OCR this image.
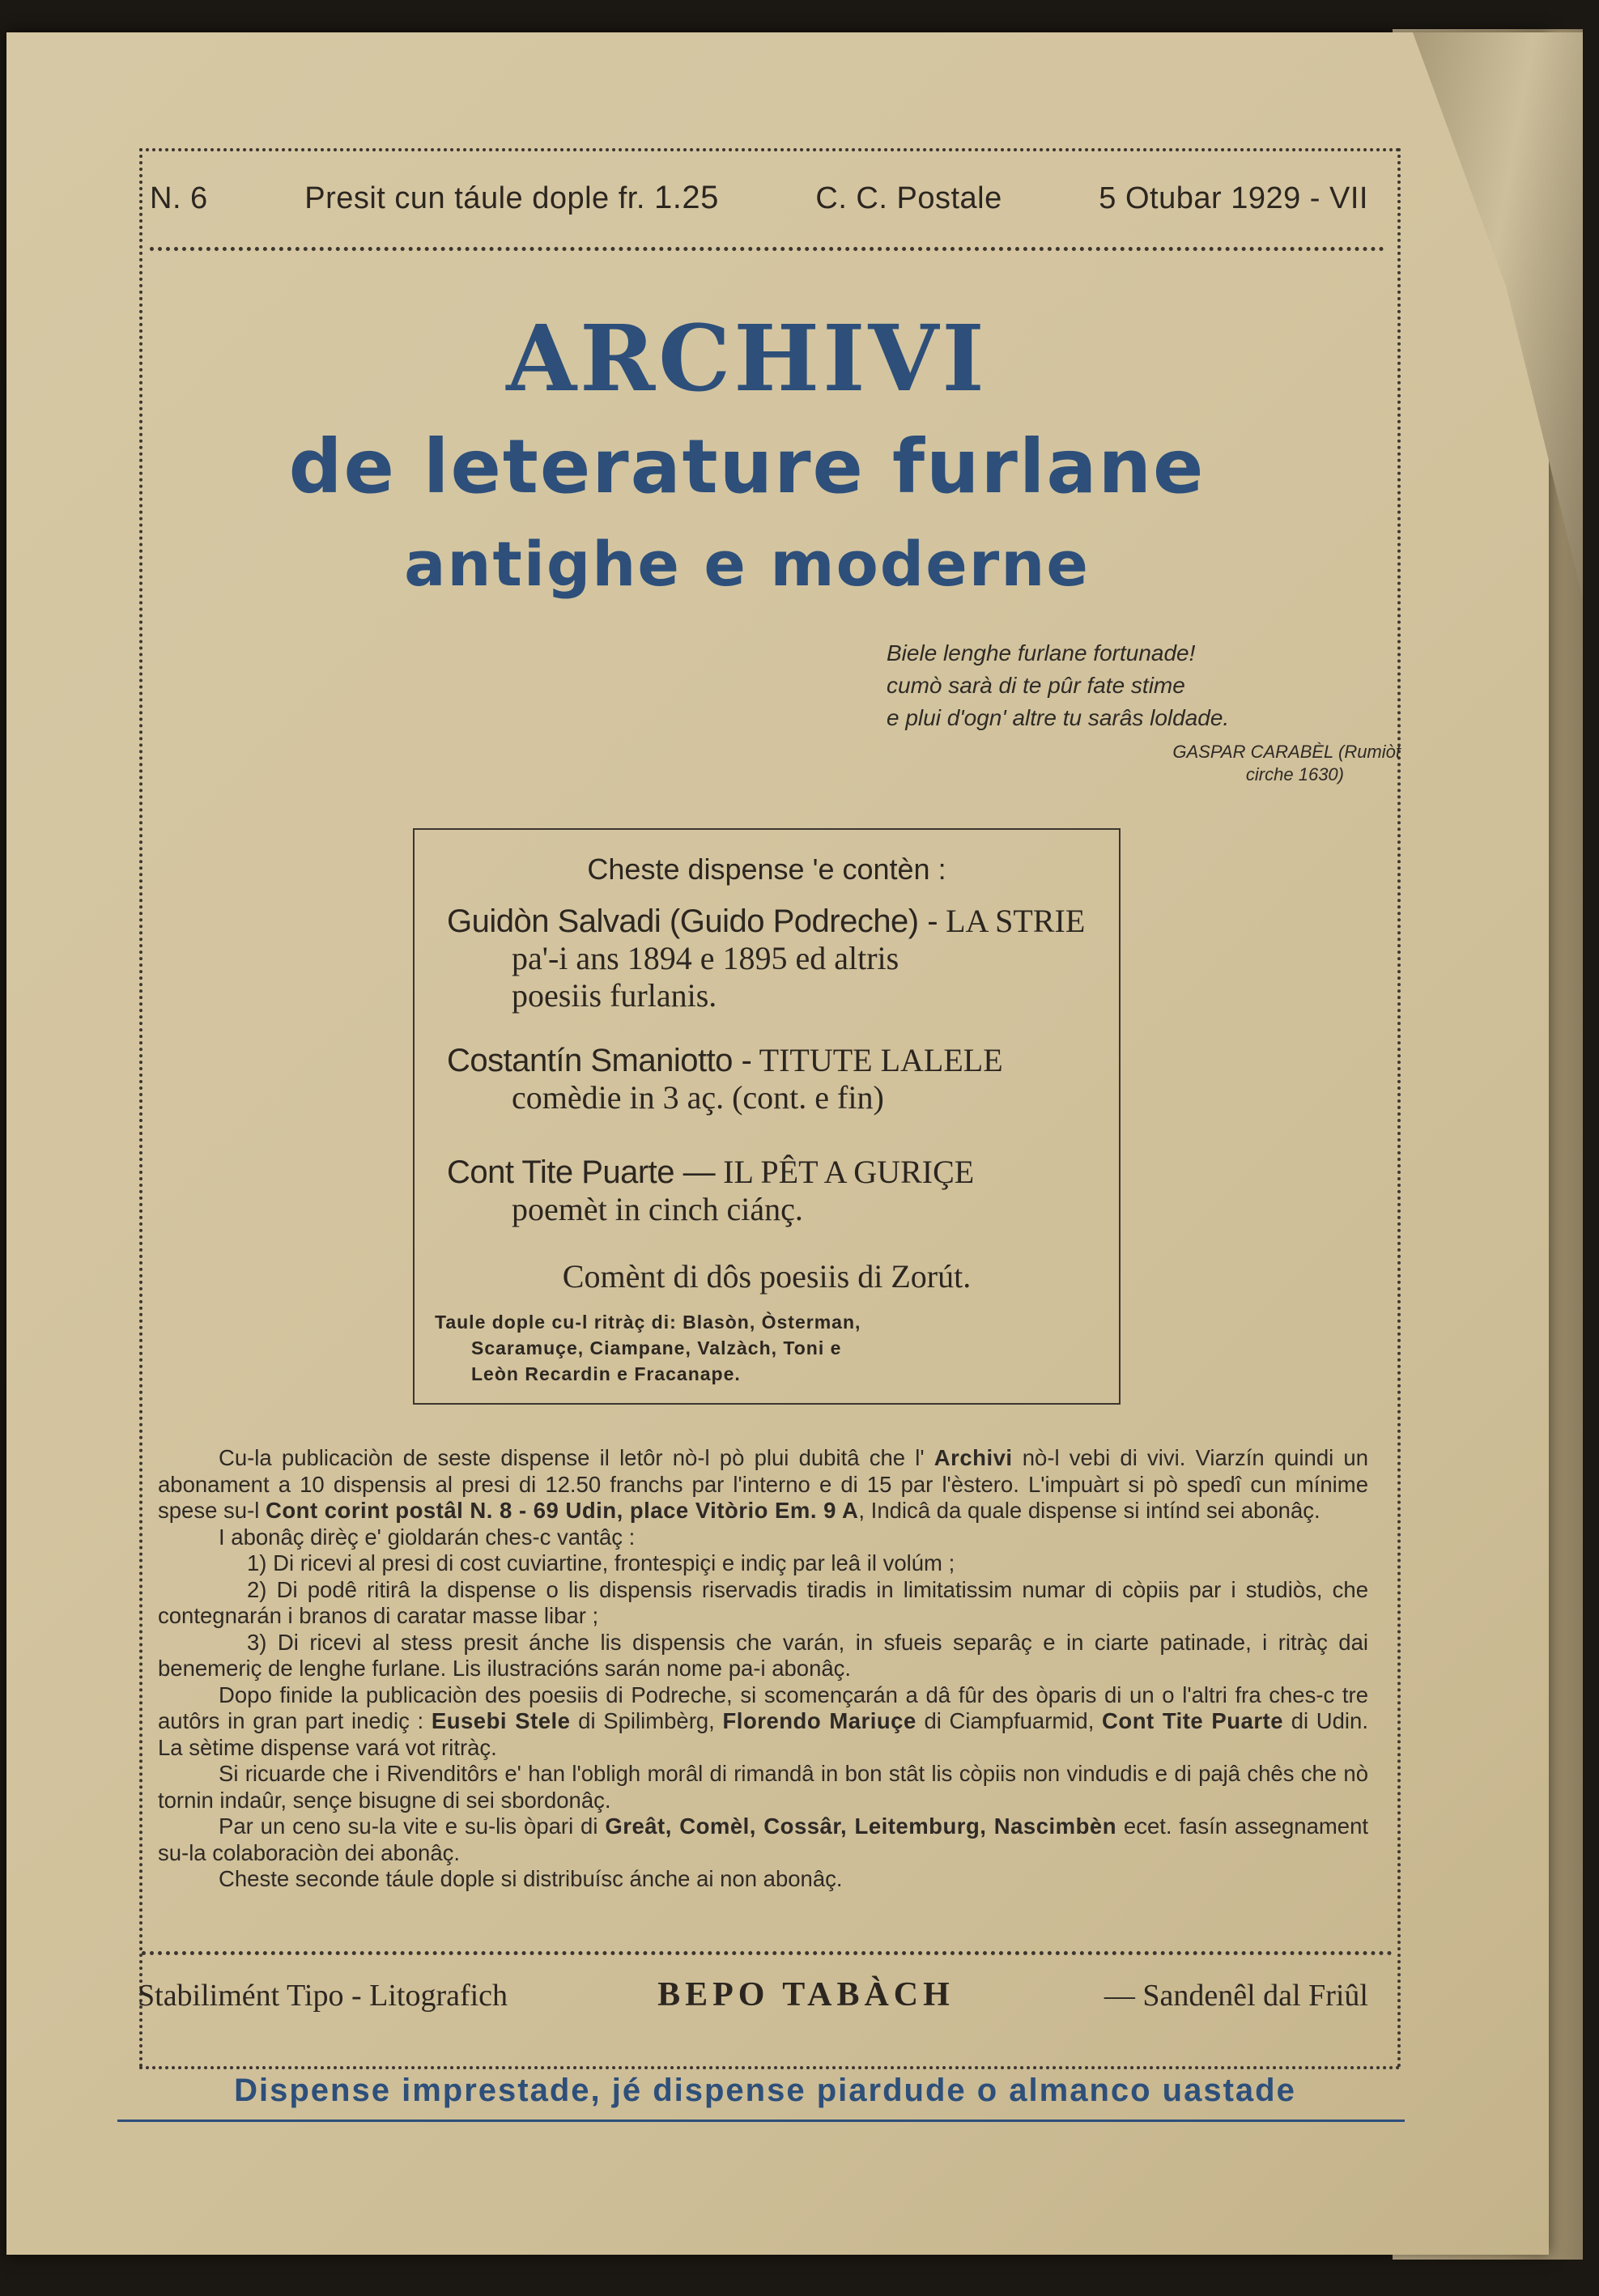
N. 6	Presit cun táule dople fr. 1.25	C. C. Postale	5 Otubar 1929 - VII
ARCHIVI
de leterature furlane
antighe e moderne
Biele lenghe furlane fortunade!
cumò sarà di te pûr fate stime
e plui d'ogn' altre tu sarâs loldade.
GASPAR CARABÈL (Rumiòt
cirche 1630)
Cheste dispense 'e contèn :
Guidòn Salvadi (Guido Podreche) - LA STRIE
pa'-i ans 1894 e 1895 ed altris
poesiis furlanis.
Costantín Smaniotto - TITUTE LALELE
comèdie in 3 aç. (cont. e fin)
Cont Tite Puarte — IL PÊT A GURIÇE
poemèt in cinch ciánç.
Comènt di dôs poesiis di Zorút.
Taule dople cu-l ritràç di: Blasòn, Òsterman,
Scaramuçe, Ciampane, Valzàch, Toni e
Leòn Recardin e Fracanape.

Cu-la publicaciòn de seste dispense il letôr nò-l pò plui dubitâ che l' Archivi nò-l vebi di vivi. Viarzín quindi un abonament a 10 dispensis al presi di 12.50 franchs par l'interno e di 15 par l'èstero. L'impuàrt si pò spedî cun mínime spese su-l Cont corint postâl N. 8 - 69 Udin, place Vitòrio Em. 9 A, Indicâ da quale dispense si intínd sei abonâç.

I abonâç dirèç e' gioldarán ches-c vantâç :

1) Di ricevi al presi di cost cuviartine, frontespiçi e indiç par leâ il volúm ;

2) Di podê ritirâ la dispense o lis dispensis riservadis tiradis in limitatissim numar di còpiis par i studiòs, che contegnarán i branos di caratar masse libar ;

3) Di ricevi al stess presit ánche lis dispensis che varán, in sfueis separâç e in ciarte patinade, i ritràç dai benemeriç de lenghe furlane. Lis ilustracións sarán nome pa-i abonâç.

Dopo finide la publicaciòn des poesiis di Podreche, si scomençarán a dâ fûr des òparis di un o l'altri fra ches-c tre autôrs in gran part inediç : Eusebi Stele di Spilimbèrg, Florendo Mariuçe di Ciampfuarmid, Cont Tite Puarte di Udin. La sètime dispense vará vot ritràç.

Si ricuarde che i Rivenditôrs e' han l'obligh morâl di rimandâ in bon stât lis còpiis non vindudis e di pajâ chês che nò tornin indaûr, sençe bisugne di sei sbordonâç.

Par un ceno su-la vite e su-lis òpari di Greât, Comèl, Cossâr, Leitemburg, Nascimbèn ecet. fasín assegnament su-la colaboraciòn dei abonâç.

Cheste seconde táule dople si distribuísc ánche ai non abonâç.

Stabilimént Tipo - Litografich	BEPO TABÀCH	— Sandenêl dal Friûl
Dispense imprestade, jé dispense piardude o almanco uastade
